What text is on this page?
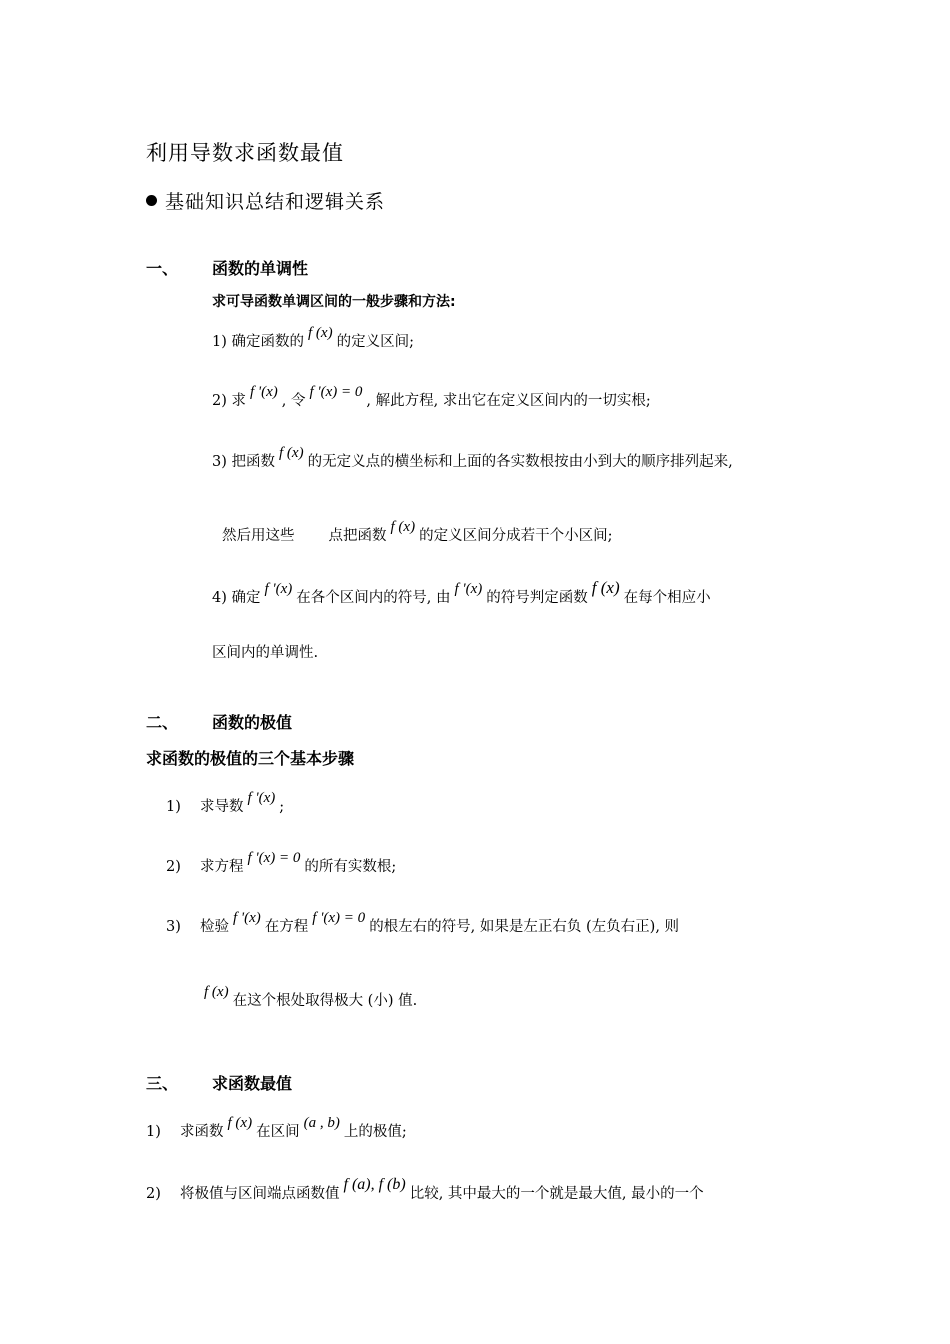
利用导数求函数最值
基础知识总结和逻辑关系
一、 函数的单调性
求可导函数单调区间的一般步骤和方法:
1) 确定函数的f (x)的定义区间;
2) 求f '(x), 令f '(x) = 0, 解此方程, 求出它在定义区间内的一切实根;
3) 把函数f (x)的无定义点的横坐标和上面的各实数根按由小到大的顺序排列起来,
然后用这些 点把函数f (x)的定义区间分成若干个小区间;
4) 确定f '(x)在各个区间内的符号, 由f '(x)的符号判定函数f (x)在每个相应小
区间内的单调性.
二、 函数的极值
求函数的极值的三个基本步骤
1) 求导数f '(x);
2) 求方程f '(x) = 0的所有实数根;
3) 检验f '(x)在方程f '(x) = 0的根左右的符号, 如果是左正右负 (左负右正), 则
f (x)在这个根处取得极大 (小) 值.
三、 求函数最值
1) 求函数f (x)在区间(a , b)上的极值;
2) 将极值与区间端点函数值f (a), f (b)比较, 其中最大的一个就是最大值, 最小的一个
